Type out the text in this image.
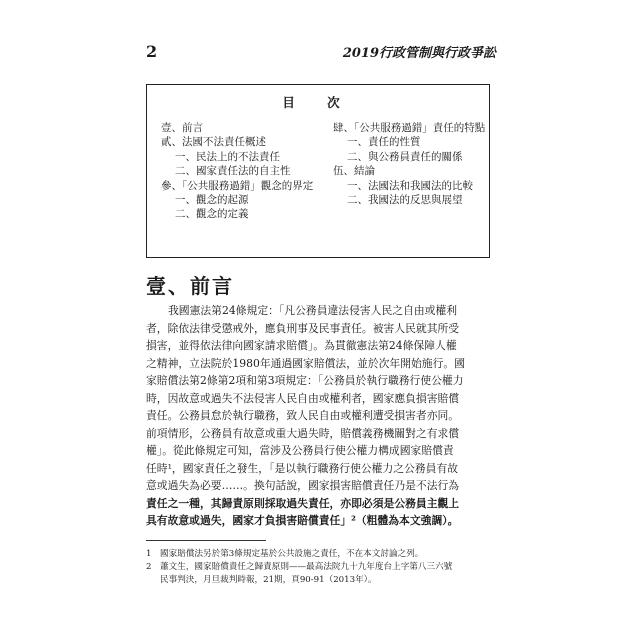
2	2019行政管制與行政爭訟
目 次
壹、前言
貳、法國不法責任概述
一、民法上的不法責任
二、國家責任法的自主性
參、「公共服務過錯」觀念的界定
一、觀念的起源
二、觀念的定義
肆、「公共服務過錯」責任的特點
一、責任的性質
二、與公務員責任的關係
伍、結論
一、法國法和我國法的比較
二、我國法的反思與展望
壹、前言
我國憲法第24條規定：「凡公務員違法侵害人民之自由或權利
者，除依法律受懲戒外，應負刑事及民事責任。被害人民就其所受
損害，並得依法律向國家請求賠償」。為貫徹憲法第24條保障人權
之精神，立法院於1980年通過國家賠償法，並於次年開始施行。國
家賠償法第2條第2項和第3項規定：「公務員於執行職務行使公權力
時，因故意或過失不法侵害人民自由或權利者，國家應負損害賠償
責任。公務員怠於執行職務，致人民自由或權利遭受損害者亦同。
前項情形，公務員有故意或重大過失時，賠償義務機關對之有求償
權」。從此條規定可知，當涉及公務員行使公權力構成國家賠償責
任時¹，國家責任之發生，「是以執行職務行使公權力之公務員有故
意或過失為必要……。換句話說，國家損害賠償責任乃是不法行為
責任之一種，其歸責原則採取過失責任，亦即必須是公務員主觀上
具有故意或過失，國家才負損害賠償責任」²（粗體為本文強調）。
1　國家賠償法另於第3條規定基於公共設施之責任，不在本文討論之列。
2　蕭文生，國家賠償責任之歸責原則——最高法院九十九年度台上字第八三六號
民事判決，月旦裁判時報，21期，頁90-91（2013年）。
